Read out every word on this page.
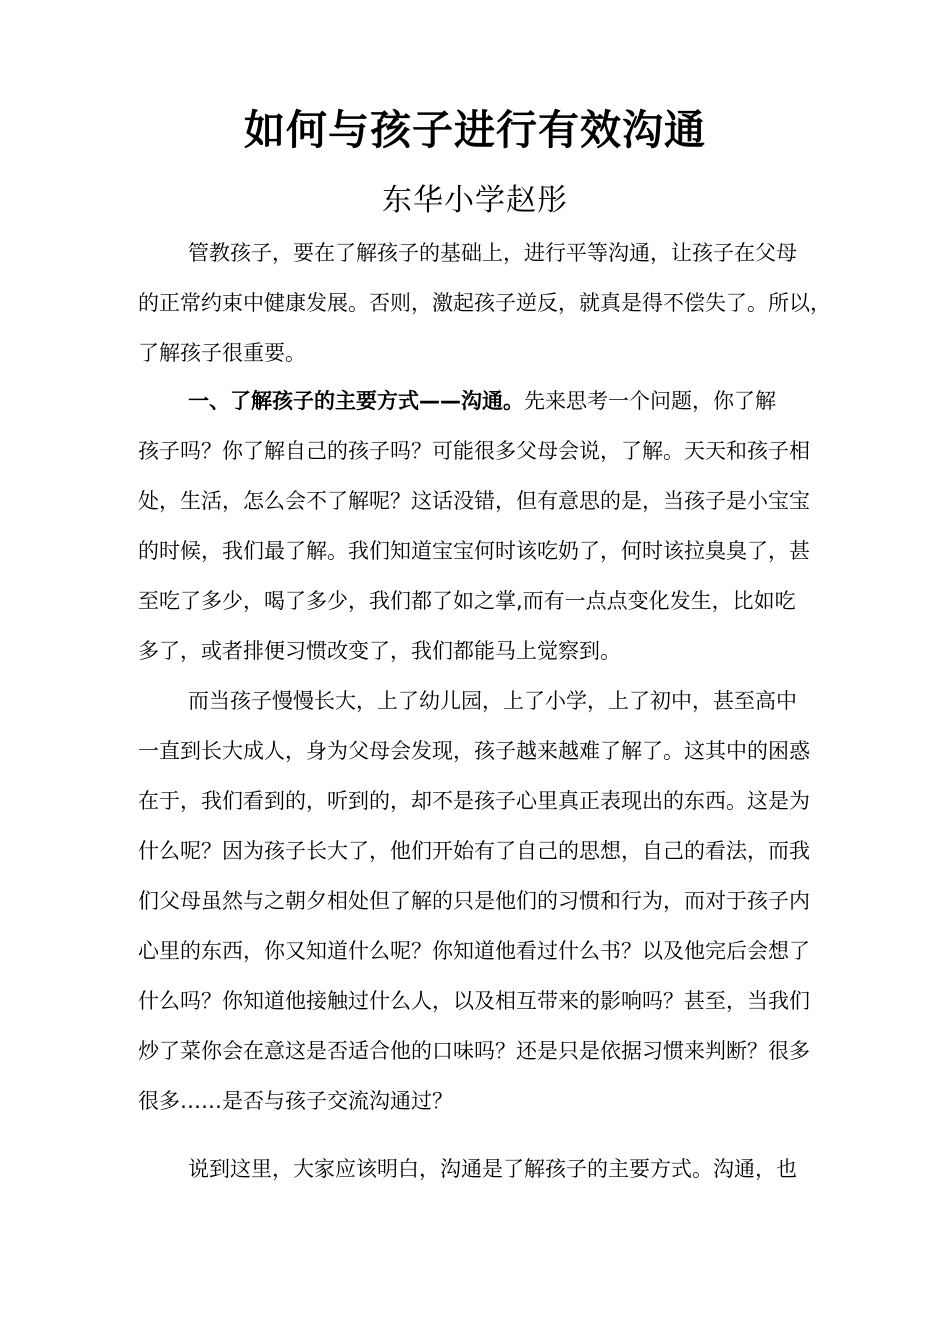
如何与孩子进行有效沟通
东华小学赵彤
管教孩子，要在了解孩子的基础上，进行平等沟通，让孩子在父母
的正常约束中健康发展。否则，激起孩子逆反，就真是得不偿失了。所以，
了解孩子很重要。
一、了解孩子的主要方式——沟通。先来思考一个问题，你了解
孩子吗？你了解自己的孩子吗？可能很多父母会说，了解。天天和孩子相
处，生活，怎么会不了解呢？这话没错，但有意思的是，当孩子是小宝宝
的时候，我们最了解。我们知道宝宝何时该吃奶了，何时该拉臭臭了，甚
至吃了多少，喝了多少，我们都了如之掌,而有一点点变化发生，比如吃
多了，或者排便习惯改变了，我们都能马上觉察到。
而当孩子慢慢长大，上了幼儿园，上了小学，上了初中，甚至高中
一直到长大成人，身为父母会发现，孩子越来越难了解了。这其中的困惑
在于，我们看到的，听到的，却不是孩子心里真正表现出的东西。这是为
什么呢？因为孩子长大了，他们开始有了自己的思想，自己的看法，而我
们父母虽然与之朝夕相处但了解的只是他们的习惯和行为，而对于孩子内
心里的东西，你又知道什么呢？你知道他看过什么书？以及他完后会想了
什么吗？你知道他接触过什么人，以及相互带来的影响吗？甚至，当我们
炒了菜你会在意这是否适合他的口味吗？还是只是依据习惯来判断？很多
很多……是否与孩子交流沟通过？
说到这里，大家应该明白，沟通是了解孩子的主要方式。沟通，也
